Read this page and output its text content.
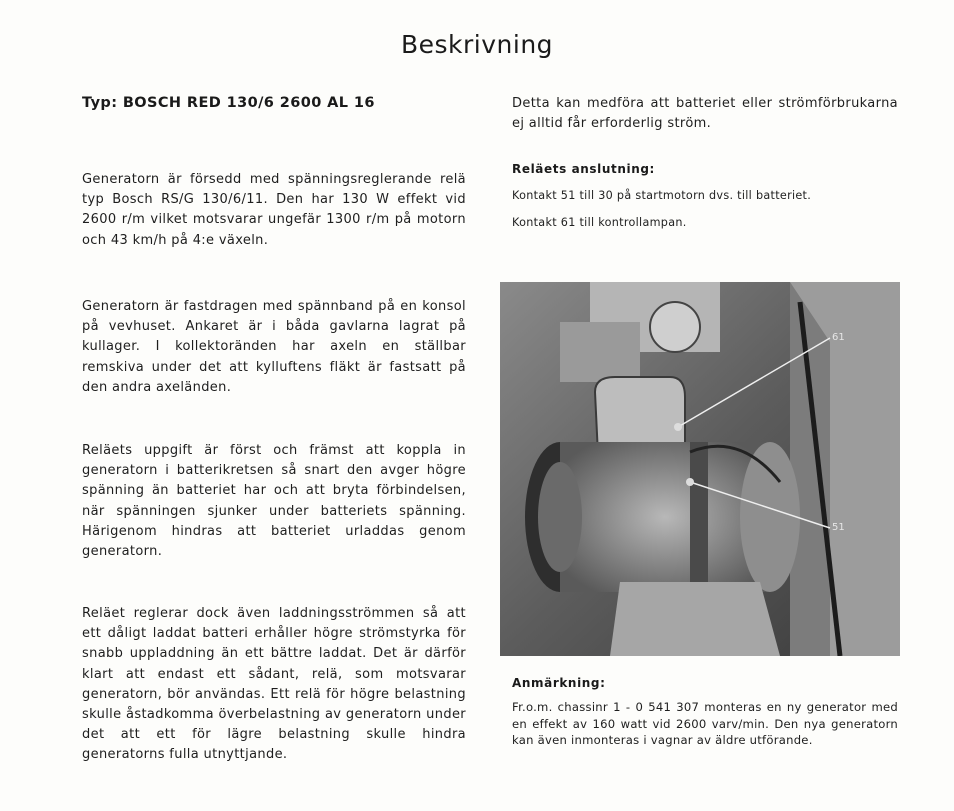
Beskrivning

Typ: BOSCH RED 130/6 2600 AL 16

Generatorn är försedd med spänningsreglerande relä typ Bosch RS/G 130/6/11. Den har 130 W effekt vid 2600 r/m vilket motsvarar ungefär 1300 r/m på motorn och 43 km/h på 4:e växeln.

Generatorn är fastdragen med spännband på en konsol på vevhuset. Ankaret är i båda gavlarna lagrat på kullager. I kollektoränden har axeln en ställbar remskiva under det att kylluftens fläkt är fastsatt på den andra axeländen.

Reläets uppgift är först och främst att koppla in generatorn i batterikretsen så snart den avger högre spänning än batteriet har och att bryta förbindelsen, när spänningen sjunker under batteriets spänning. Härigenom hindras att batteriet urladdas genom generatorn.

Reläet reglerar dock även laddningsströmmen så att ett dåligt laddat batteri erhåller högre strömstyrka för snabb uppladdning än ett bättre laddat. Det är därför klart att endast ett sådant, relä, som motsvarar generatorn, bör användas. Ett relä för högre belastning skulle åstadkomma överbelastning av generatorn under det att ett för lägre belastning skulle hindra generatorns fulla utnyttjande.

Detta kan medföra att batteriet eller strömförbrukarna ej alltid får erforderlig ström.

Reläets anslutning:

Kontakt 51 till 30 på startmotorn dvs. till batteriet.

Kontakt 61 till kontrollampan.

61
51

Anmärkning:

Fr.o.m. chassinr 1 - 0 541 307 monteras en ny generator med en effekt av 160 watt vid 2600 varv/min. Den nya generatorn kan även inmonteras i vagnar av äldre utförande.
